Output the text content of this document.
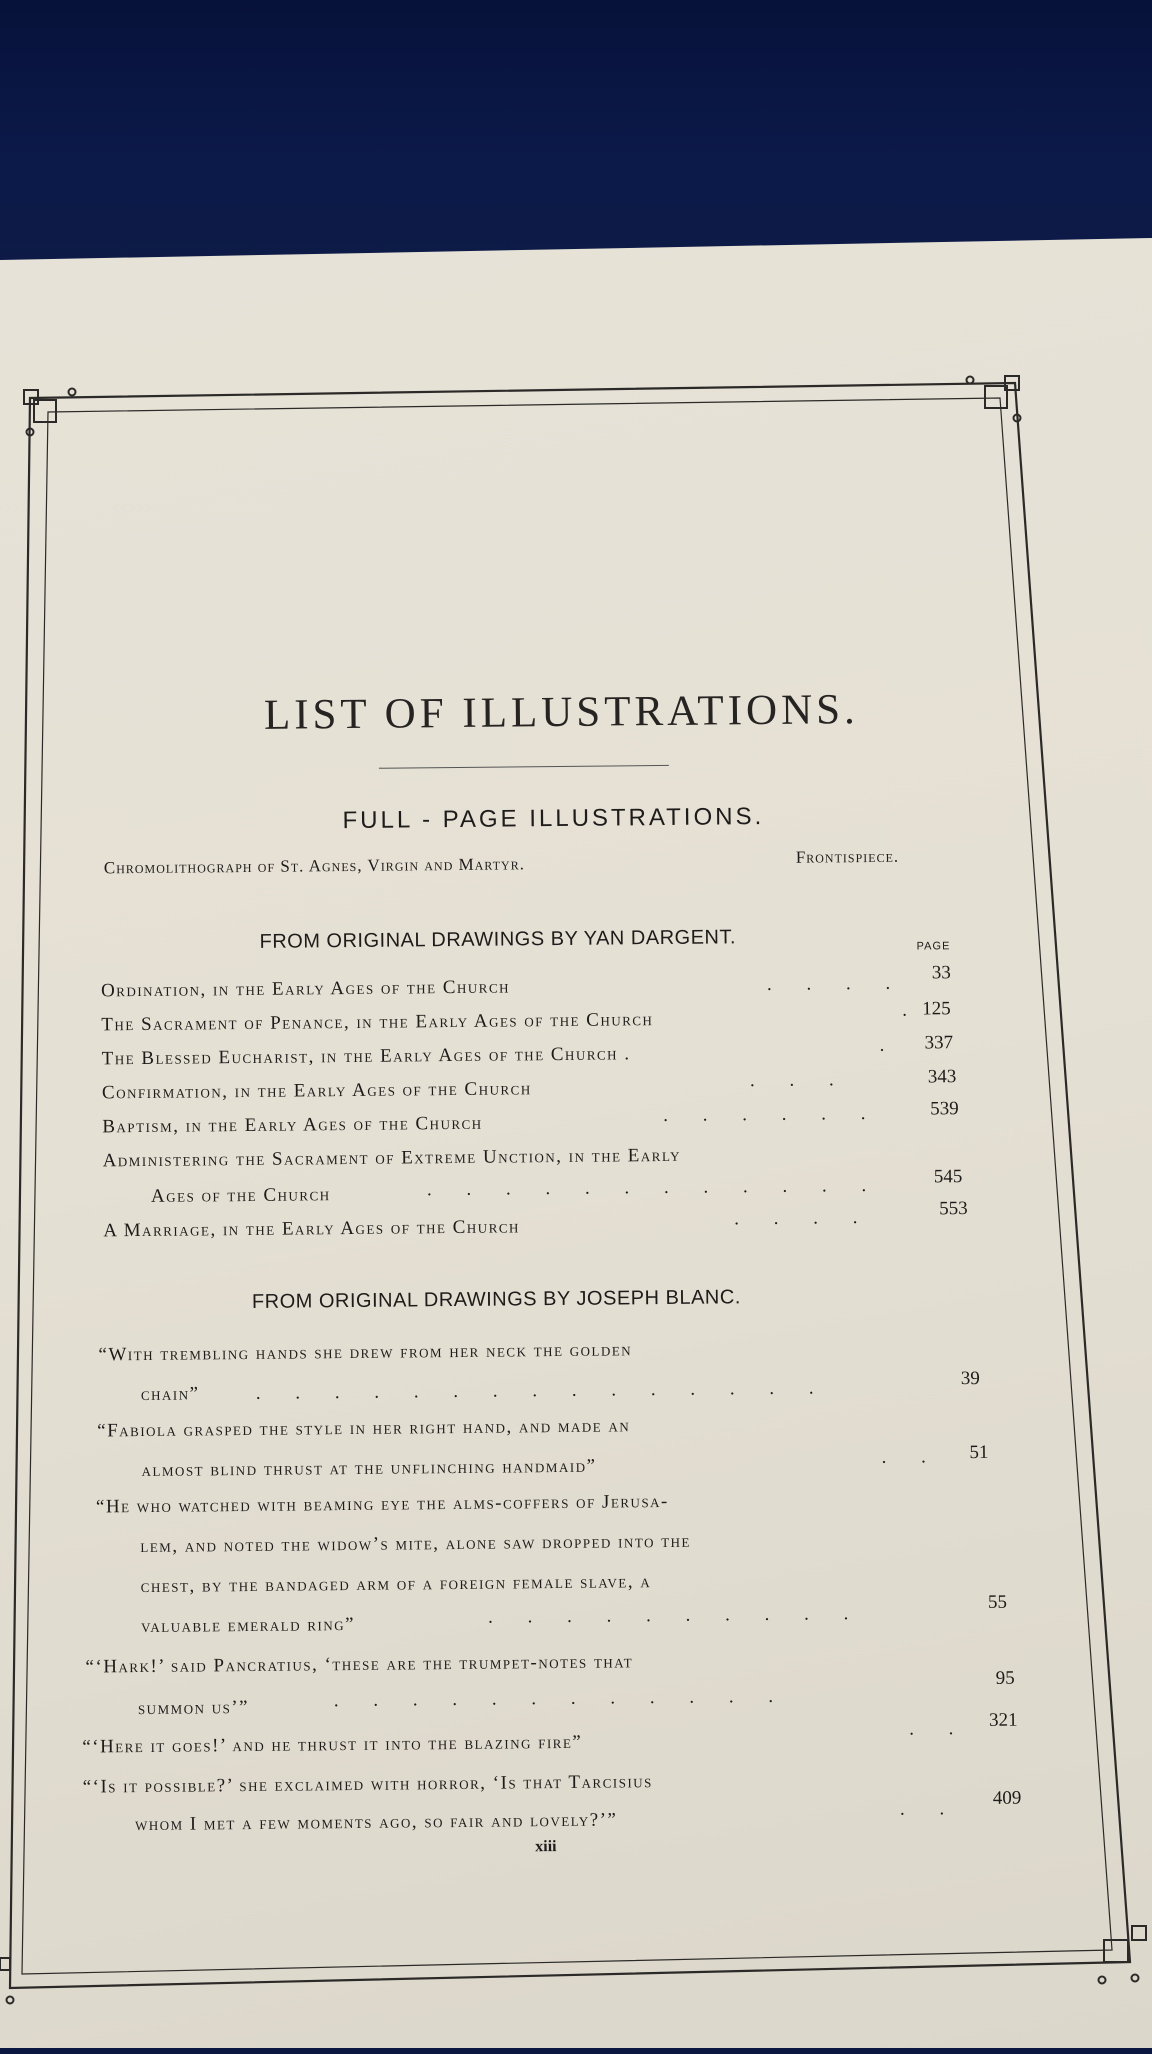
LIST OF ILLUSTRATIONS.
FULL - PAGE ILLUSTRATIONS.
Chromolithograph of St. Agnes, Virgin and Martyr.	Frontispiece.
FROM ORIGINAL DRAWINGS BY YAN DARGENT.	PAGE
Ordination, in the Early Ages of the Church	. . . . 33
The Sacrament of Penance, in the Early Ages of the Church	. 125
The Blessed Eucharist, in the Early Ages of the Church .	. 337
Confirmation, in the Early Ages of the Church	. . .	343
Baptism, in the Early Ages of the Church	. . . . . .	539
Administering the Sacrament of Extreme Unction, in the Early
Ages of the Church	. . . . . . . . . . . .	545
A Marriage, in the Early Ages of the Church	. . . .	553
FROM ORIGINAL DRAWINGS BY JOSEPH BLANC.
“With trembling hands she drew from her neck the golden
chain”	. . . . . . . . . . . . . . .	39
“Fabiola grasped the style in her right hand, and made an
almost blind thrust at the unflinching handmaid”	. . 51
“He who watched with beaming eye the alms-coffers of Jerusa-
lem, and noted the widow’s mite, alone saw dropped into the
chest, by the bandaged arm of a foreign female slave, a
valuable emerald ring”	. . . . . . . . . .
55
“‘Hark!’ said Pancratius, ‘these are the trumpet-notes that
summon us’”	. . . . . . . . . . . .
95
“‘Here it goes!’ and he thrust it into the blazing fire”
. . 321
“‘Is it possible?’ she exclaimed with horror, ‘Is that Tarcisius
whom I met a few moments ago, so fair and lovely?’”
. . 409
xiii
